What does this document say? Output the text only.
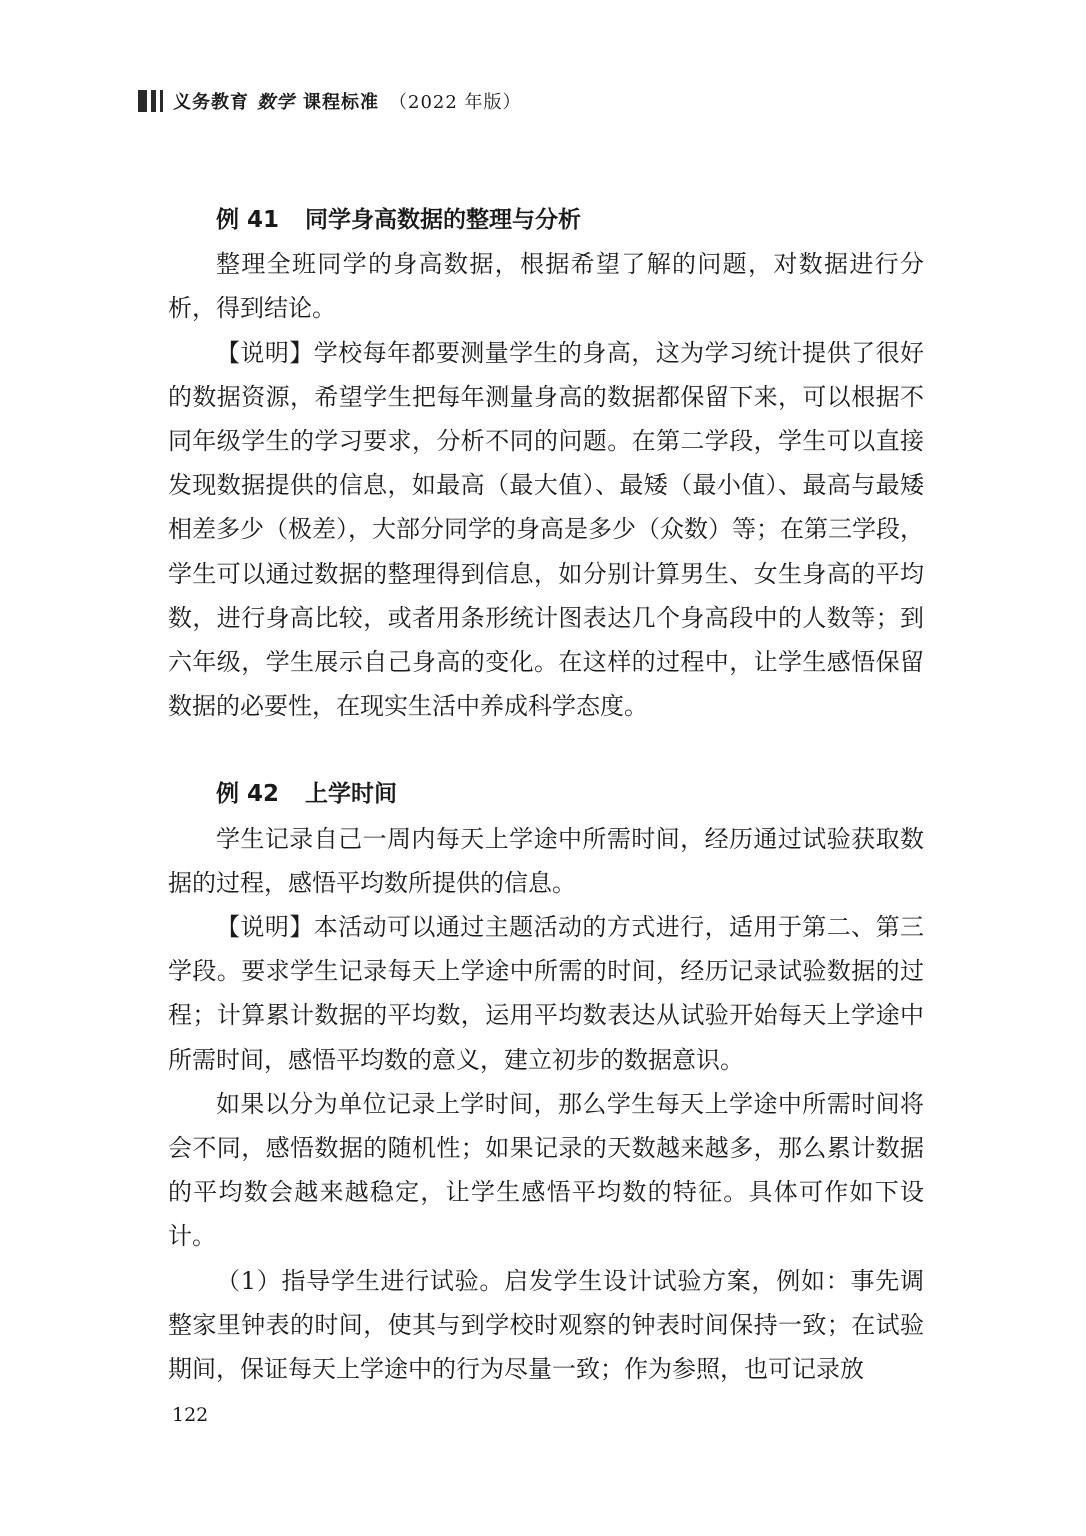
义务教育 数学 课程标准 （2022 年版）
例 41 同学身高数据的整理与分析

整理全班同学的身高数据，根据希望了解的问题，对数据进行分析，得到结论。

【说明】学校每年都要测量学生的身高，这为学习统计提供了很好的数据资源，希望学生把每年测量身高的数据都保留下来，可以根据不同年级学生的学习要求，分析不同的问题。在第二学段，学生可以直接发现数据提供的信息，如最高（最大值）、最矮（最小值）、最高与最矮相差多少（极差），大部分同学的身高是多少（众数）等；在第三学段，学生可以通过数据的整理得到信息，如分别计算男生、女生身高的平均数，进行身高比较，或者用条形统计图表达几个身高段中的人数等；到六年级，学生展示自己身高的变化。在这样的过程中，让学生感悟保留数据的必要性，在现实生活中养成科学态度。

例 42 上学时间

学生记录自己一周内每天上学途中所需时间，经历通过试验获取数据的过程，感悟平均数所提供的信息。

【说明】本活动可以通过主题活动的方式进行，适用于第二、第三学段。要求学生记录每天上学途中所需的时间，经历记录试验数据的过程；计算累计数据的平均数，运用平均数表达从试验开始每天上学途中所需时间，感悟平均数的意义，建立初步的数据意识。

如果以分为单位记录上学时间，那么学生每天上学途中所需时间将会不同，感悟数据的随机性；如果记录的天数越来越多，那么累计数据的平均数会越来越稳定，让学生感悟平均数的特征。具体可作如下设计。

（1）指导学生进行试验。启发学生设计试验方案，例如：事先调整家里钟表的时间，使其与到学校时观察的钟表时间保持一致；在试验期间，保证每天上学途中的行为尽量一致；作为参照，也可记录放

122
